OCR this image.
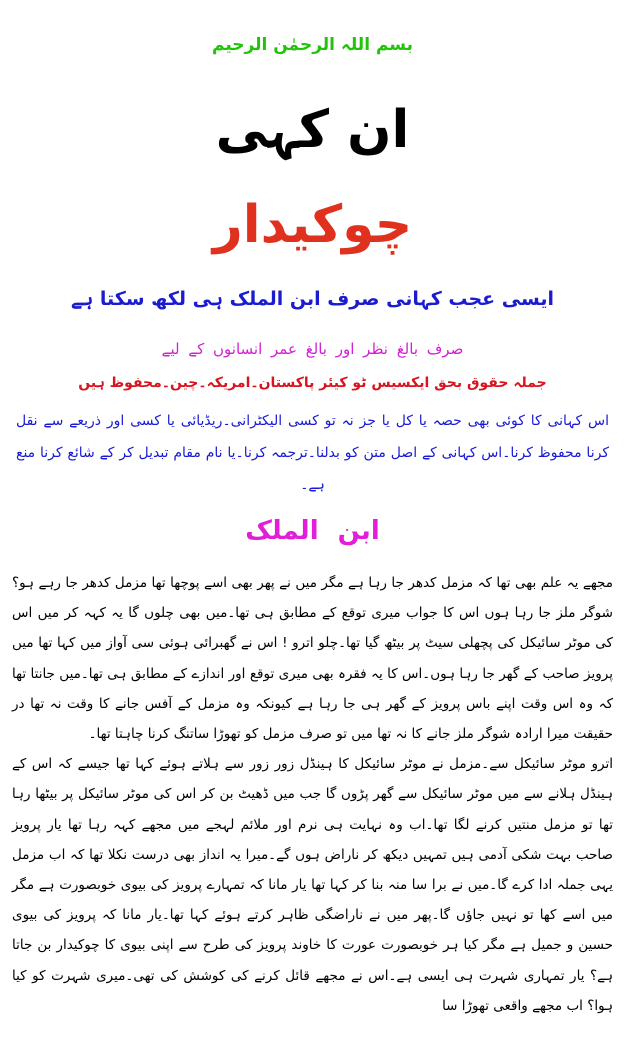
بسم اللہ الرحمٰن الرحیم
ان کہی
چوکیدار
ایسی عجب کہانی صرف ابن الملک ہی لکھ سکتا ہے
صرف بالغ نظر اور بالغ عمر انسانوں کے لیے
جملہ حقوق بحق ایکسیس ٹو کیئر پاکستان۔امریکہ۔چین۔محفوظ ہیں
اس کہانی کا کوئی بھی حصہ یا کل یا جز نہ تو کسی الیکٹرانی۔ریڈیائی یا کسی اور ذریعے سے نقل کرنا محفوظ کرنا۔اس کہانی کے اصل متن کو بدلنا۔ترجمہ کرنا۔یا نام مقام تبدیل کر کے شائع کرنا منع ہے۔
ابن الملک

مجھے یہ علم بھی تھا کہ مزمل کدھر جا رہا ہے مگر میں نے پھر بھی اسے پوچھا تھا مزمل کدھر جا رہے ہو؟ شوگر ملز جا رہا ہوں اس کا جواب میری توقع کے مطابق ہی تھا۔میں بھی چلوں گا یہ کہہ کر میں اس کی موٹر سائیکل کی پچھلی سیٹ پر بیٹھ گیا تھا۔چلو اترو ! اس نے گھبرائی ہوئی سی آواز میں کہا تھا میں پرویز صاحب کے گھر جا رہا ہوں۔اس کا یہ فقرہ بھی میری توقع اور اندازے کے مطابق ہی تھا۔میں جانتا تھا کہ وہ اس وقت اپنے باس پرویز کے گھر ہی جا رہا ہے کیونکہ وہ مزمل کے آفس جانے کا وقت نہ تھا در حقیقت میرا ارادہ شوگر ملز جانے کا نہ تھا میں تو صرف مزمل کو تھوڑا ساتنگ کرنا چاہتا تھا۔

اترو موٹر سائیکل سے۔مزمل نے موٹر سائیکل کا ہینڈل زور زور سے ہلاتے ہوئے کہا تھا جیسے کہ اس کے ہینڈل ہلانے سے میں موٹر سائیکل سے گھر پڑوں گا جب میں ڈھیٹ بن کر اس کی موٹر سائیکل پر بیٹھا رہا تھا تو مزمل منتیں کرنے لگا تھا۔اب وہ نہایت ہی نرم اور ملائم لہجے میں مجھے کہہ رہا تھا یار پرویز صاحب بہت شکی آدمی ہیں تمہیں دیکھ کر ناراض ہوں گے۔میرا یہ انداز بھی درست نکلا تھا کہ اب مزمل یہی جملہ ادا کرے گا۔میں نے برا سا منہ بنا کر کہا تھا یار مانا کہ تمہارے پرویز کی بیوی خوبصورت ہے مگر میں اسے کھا تو نہیں جاؤں گا۔پھر میں نے ناراضگی ظاہر کرتے ہوئے کہا تھا۔یار مانا کہ پرویز کی بیوی حسین و جمیل ہے مگر کیا ہر خوبصورت عورت کا خاوند پرویز کی طرح سے اپنی بیوی کا چوکیدار بن جاتا ہے؟ یار تمہاری شہرت ہی ایسی ہے۔اس نے مجھے قائل کرنے کی کوشش کی تھی۔میری شہرت کو کیا ہوا؟ اب مجھے واقعی تھوڑا سا
